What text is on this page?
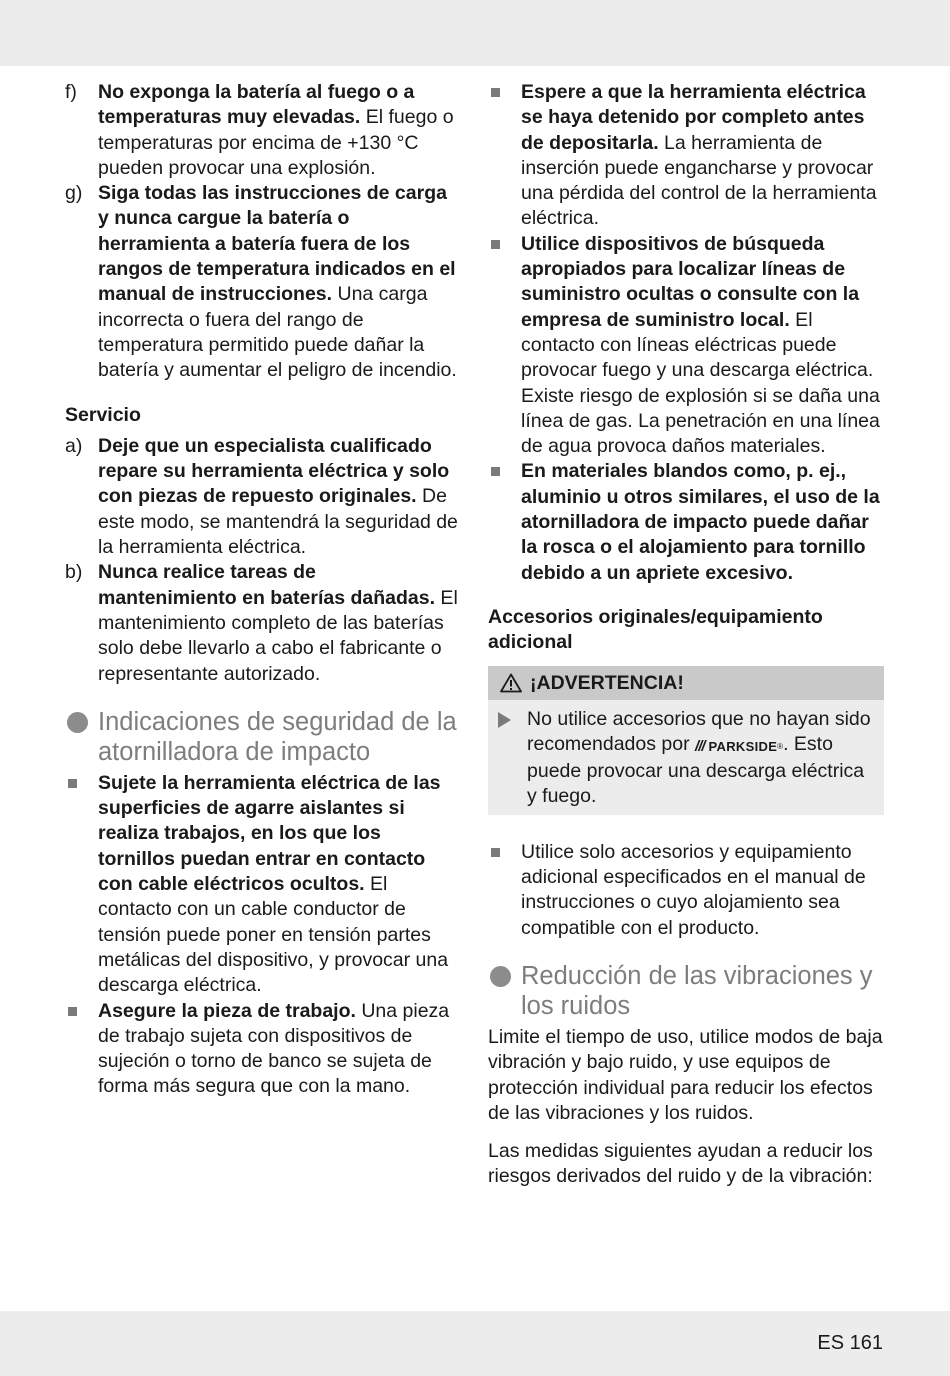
f) No exponga la batería al fuego o a temperaturas muy elevadas. El fuego o temperaturas por encima de +130 °C pueden provocar una explosión.
g) Siga todas las instrucciones de carga y nunca cargue la batería o herramienta a batería fuera de los rangos de temperatura indicados en el manual de instrucciones. Una carga incorrecta o fuera del rango de temperatura permitido puede dañar la batería y aumentar el peligro de incendio.
Servicio
a) Deje que un especialista cualificado repare su herramienta eléctrica y solo con piezas de repuesto originales. De este modo, se mantendrá la seguridad de la herramienta eléctrica.
b) Nunca realice tareas de mantenimiento en baterías dañadas. El mantenimiento completo de las baterías solo debe llevarlo a cabo el fabricante o representante autorizado.
Indicaciones de seguridad de la atornilladora de impacto
Sujete la herramienta eléctrica de las superficies de agarre aislantes si realiza trabajos, en los que los tornillos puedan entrar en contacto con cable eléctricos ocultos. El contacto con un cable conductor de tensión puede poner en tensión partes metálicas del dispositivo, y provocar una descarga eléctrica.
Asegure la pieza de trabajo. Una pieza de trabajo sujeta con dispositivos de sujeción o torno de banco se sujeta de forma más segura que con la mano.
Espere a que la herramienta eléctrica se haya detenido por completo antes de depositarla. La herramienta de inserción puede engancharse y provocar una pérdida del control de la herramienta eléctrica.
Utilice dispositivos de búsqueda apropiados para localizar líneas de suministro ocultas o consulte con la empresa de suministro local. El contacto con líneas eléctricas puede provocar fuego y una descarga eléctrica. Existe riesgo de explosión si se daña una línea de gas. La penetración en una línea de agua provoca daños materiales.
En materiales blandos como, p. ej., aluminio u otros similares, el uso de la atornilladora de impacto puede dañar la rosca o el alojamiento para tornillo debido a un apriete excesivo.
Accesorios originales/equipamiento adicional
¡ADVERTENCIA!
No utilice accesorios que no hayan sido recomendados por /// PARKSIDE ® . Esto puede provocar una descarga eléctrica y fuego.
Utilice solo accesorios y equipamiento adicional especificados en el manual de instrucciones o cuyo alojamiento sea compatible con el producto.
Reducción de las vibraciones y los ruidos
Limite el tiempo de uso, utilice modos de baja vibración y bajo ruido, y use equipos de protección individual para reducir los efectos de las vibraciones y los ruidos.
Las medidas siguientes ayudan a reducir los riesgos derivados del ruido y de la vibración:
ES 161
